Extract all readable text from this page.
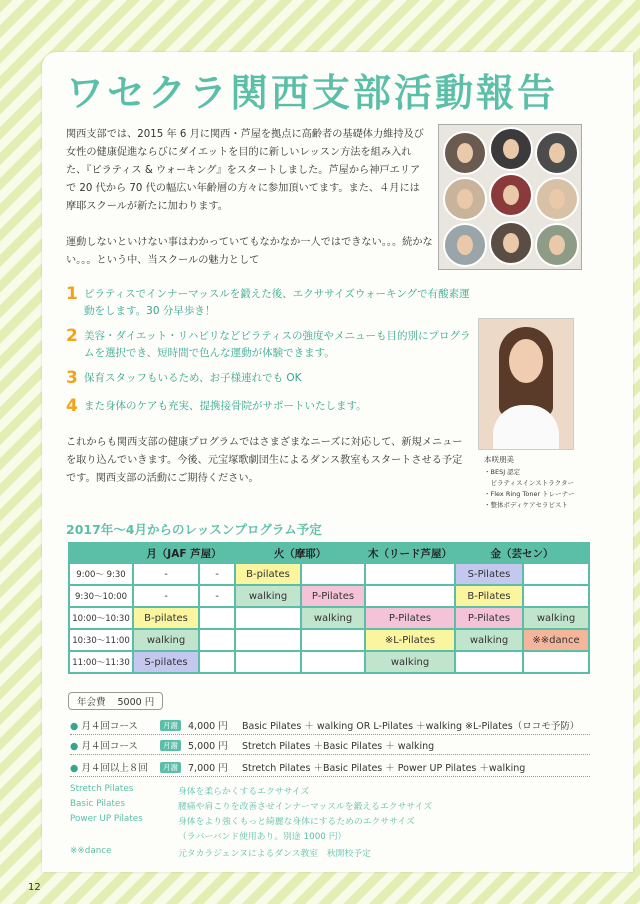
ワセクラ関西支部活動報告
関西支部では、2015 年 6 月に関西・芦屋を拠点に高齢者の基礎体力維持及び女性の健康促進ならびにダイエットを目的に新しいレッスン方法を組み入れた、『ピラティス & ウォーキング』をスタートしました。芦屋から神戸エリアで 20 代から 70 代の幅広い年齢層の方々に参加頂いてます。また、４月には摩耶スクールが新たに加わります。
運動しないといけない事はわかっていてもなかなか一人ではできない。。。続かない。。。という中、当スクールの魅力として
1 ピラティスでインナーマッスルを鍛えた後、エクササイズウォーキングで有酸素運動をします。30 分早歩き！
2 美容・ダイエット・リハビリなどピラティスの強度やメニューも目的別にプログラムを選択でき、短時間で色んな運動が体験できます。
3 保育スタッフもいるため、お子様連れでも OK
4 また身体のケアも充実、提携接骨院がサポートいたします。
本咲朋美
・BESJ 認定
　ピラティスインストラクター
・Flex Ring Toner トレーナー
・整体ボディケアセラピスト
これからも関西支部の健康プログラムではさまざまなニーズに対応して、新規メニューを取り込んでいきます。今後、元宝塚歌劇団生によるダンス教室もスタートさせる予定です。関西支部の活動にご期待ください。
2017年～4月からのレッスンプログラム予定
	月（JAF 芦屋）		火（摩耶）		木（リード芦屋）	金（芸セン）	
9:00～ 9:30	-	-	B-pilates			S-Pilates	
9:30～10:00	-	-	walking	P-Pilates		B-Pilates	
10:00～10:30	B-pilates			walking	P-Pilates	P-Pilates	walking
10:30～11:00	walking				※L-Pilates	walking	※※dance
11:00～11:30	S-pilates				walking		
年会費 5000 円
● 月４回コース	月謝	4,000 円 Basic Pilates ＋ walking OR L-Pilates ＋walking ※L-Pilates（ロコモ予防）
● 月４回コース	月謝	5,000 円 Stretch Pilates ＋Basic Pilates ＋ walking
● 月４回以上８回	月謝	7,000 円 Stretch Pilates ＋Basic Pilates ＋ Power UP Pilates ＋walking
Stretch Pilates	身体を柔らかくするエクササイズ
Basic Pilates	腰痛や肩こりを改善させインナーマッスルを鍛えるエクササイズ
Power UP Pilates	身体をより強くもっと綺麗な身体にするためのエクササイズ
（ラバーバンド使用あり。別途 1000 円）
※※dance	元タカラジェンヌによるダンス教室　秋開校予定
12
